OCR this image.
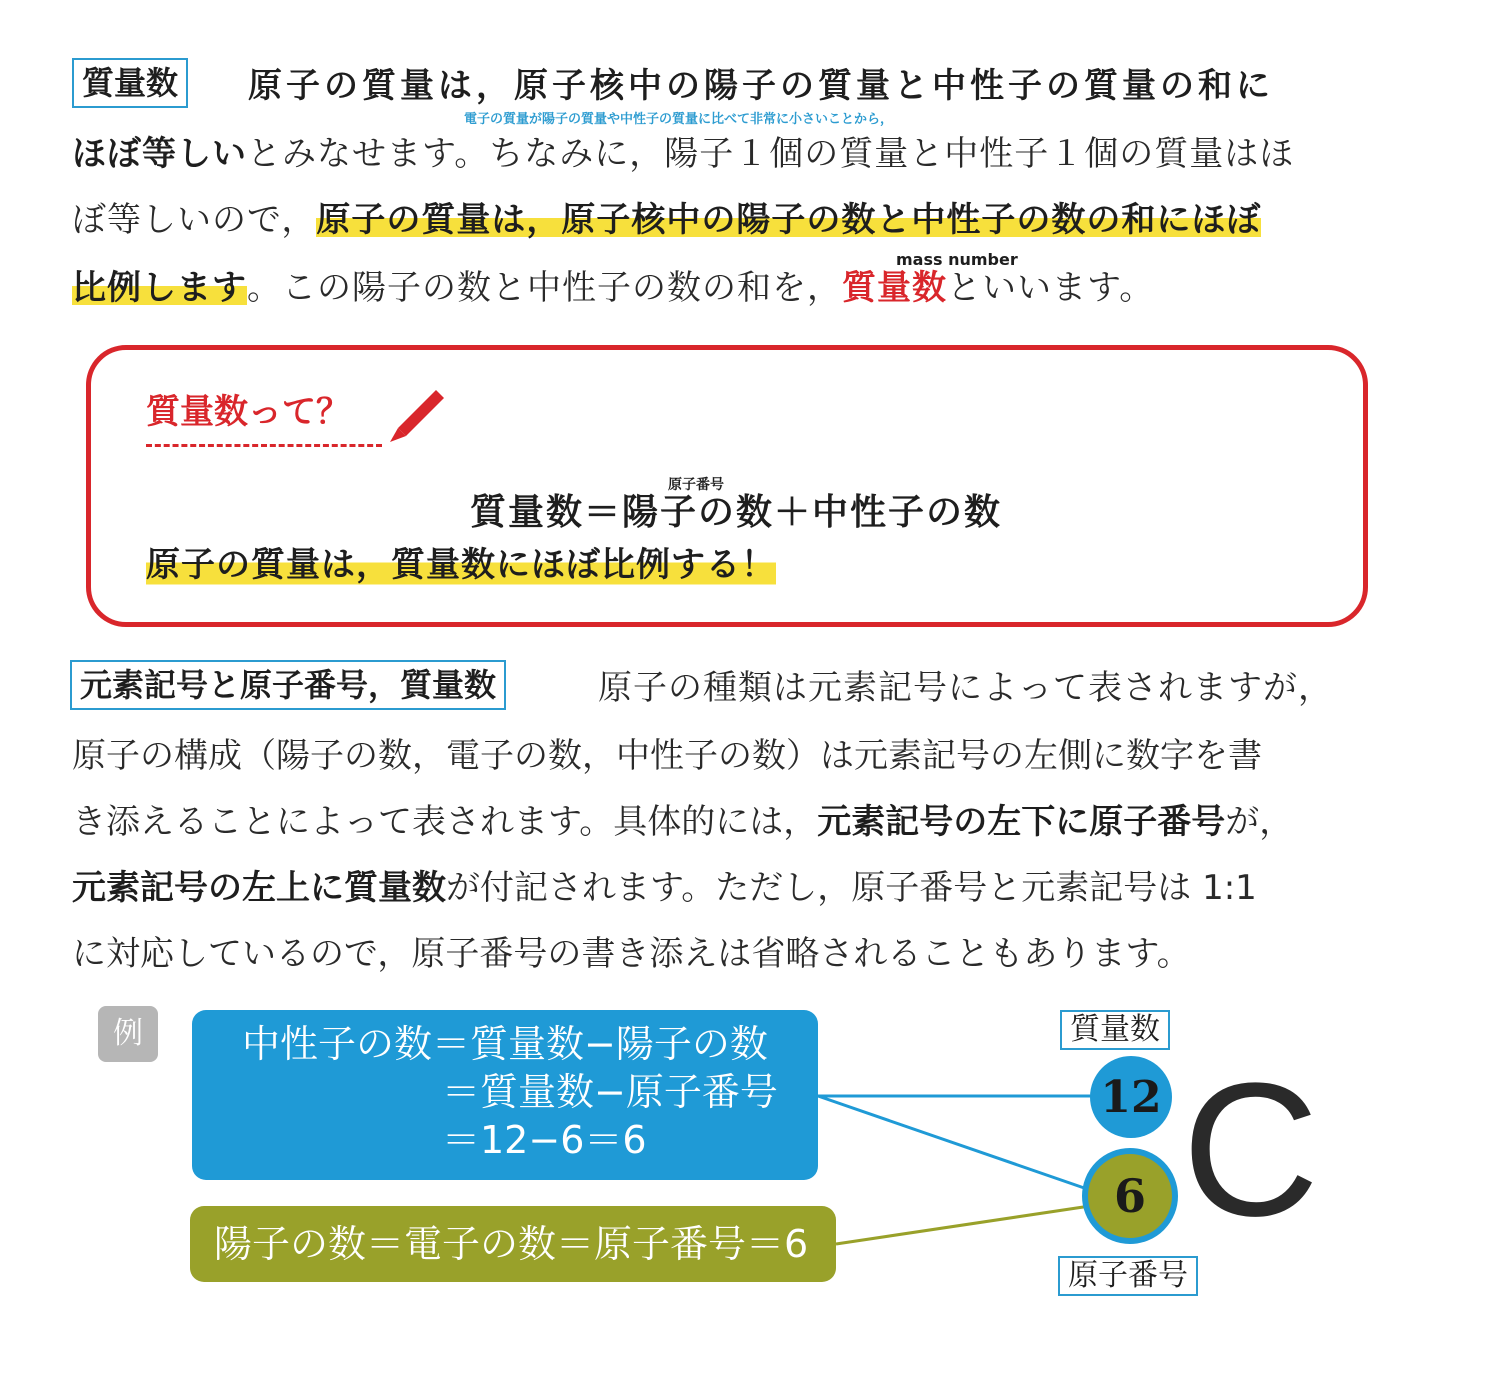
質量数 原子の質量は，原子核中の陽子の質量と中性子の質量の和に
電子の質量が陽子の質量や中性子の質量に比べて非常に小さいことから，
ほぼ等しいとみなせます。ちなみに，陽子１個の質量と中性子１個の質量はほ
ぼ等しいので，原子の質量は，原子核中の陽子の数と中性子の数の和にほぼ
比例します。この陽子の数と中性子の数の和を，質量数といいます。
mass number
質量数って？
原子番号
質量数＝陽子の数＋中性子の数
原子の質量は，質量数にほぼ比例する！
元素記号と原子番号，質量数	原子の種類は元素記号によって表されますが，
原子の構成（陽子の数，電子の数，中性子の数）は元素記号の左側に数字を書
き添えることによって表されます。具体的には，元素記号の左下に原子番号が，
元素記号の左上に質量数が付記されます。ただし，原子番号と元素記号は 1:1
に対応しているので，原子番号の書き添えは省略されることもあります。
例	中性子の数＝質量数−陽子の数
＝質量数−原子番号
＝12−6＝6
陽子の数＝電子の数＝原子番号＝6
質量数
12
6
原子番号
C
